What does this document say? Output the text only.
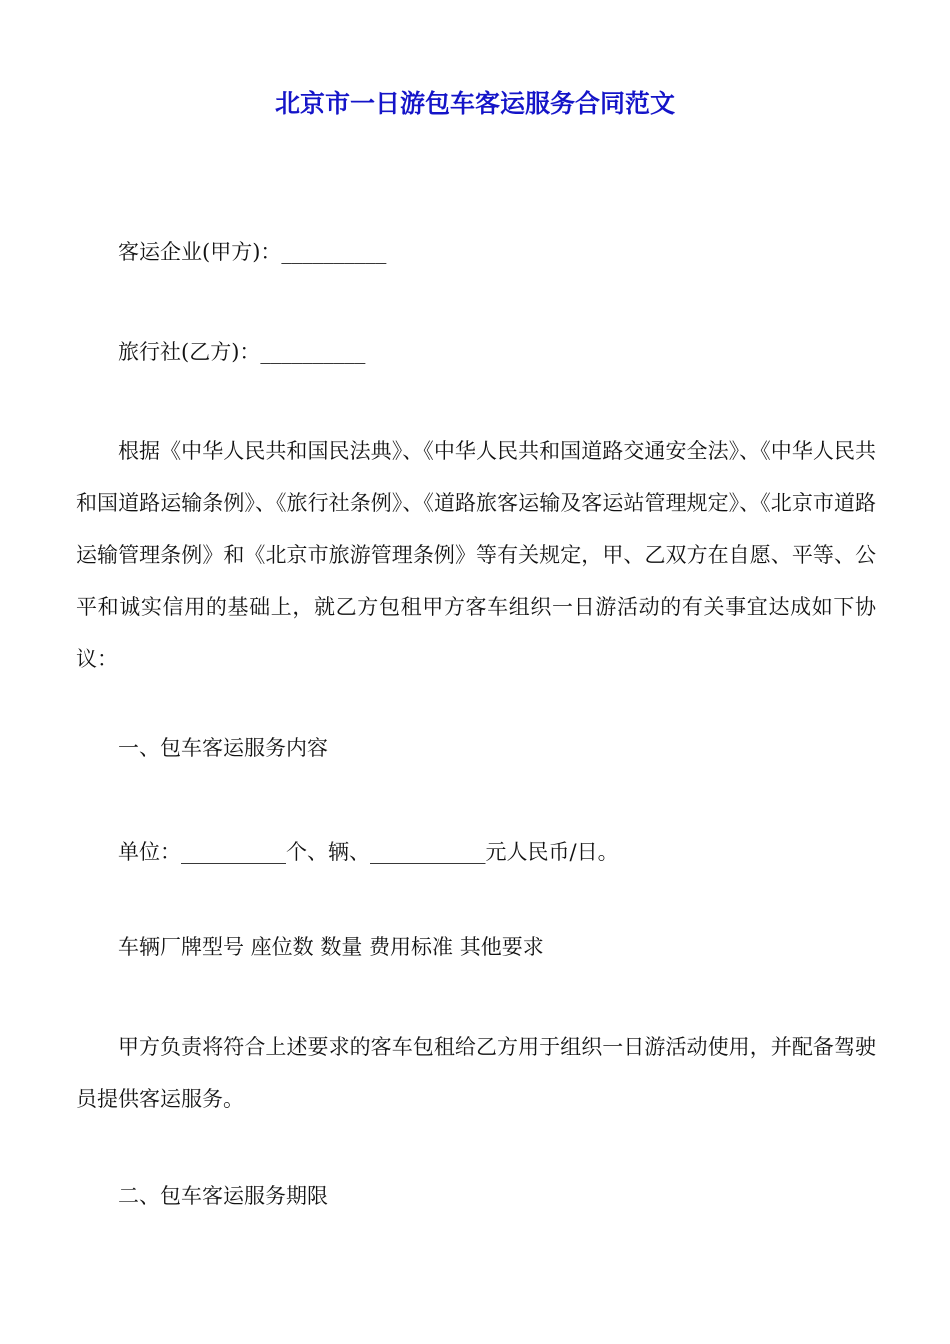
北京市一日游包车客运服务合同范文

客运企业(甲方)：__________

旅行社(乙方)：__________

根据《中华人民共和国民法典》、《中华人民共和国道路交通安全法》、《中华人民共和国道路运输条例》、《旅行社条例》、《道路旅客运输及客运站管理规定》、《北京市道路运输管理条例》和《北京市旅游管理条例》等有关规定，甲、乙双方在自愿、平等、公平和诚实信用的基础上，就乙方包租甲方客车组织一日游活动的有关事宜达成如下协议：

一、包车客运服务内容

单位：__________个、辆、___________元人民币/日。

车辆厂牌型号 座位数 数量 费用标准 其他要求

甲方负责将符合上述要求的客车包租给乙方用于组织一日游活动使用，并配备驾驶员提供客运服务。

二、包车客运服务期限
